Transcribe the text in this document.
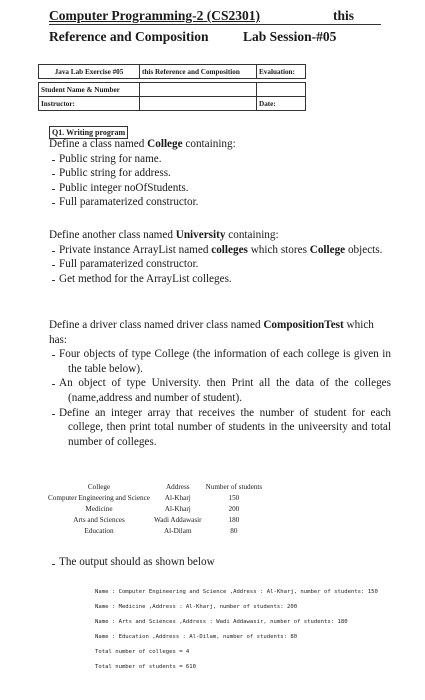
Computer Programming-2 (CS2301)	this
Reference and Composition	Lab Session-#05
Java Lab Exercise #05	this Reference and Composition	Evaluation:

Student Name & Number		
Instructor:		Date:
Q1. Writing program

Define a class named College containing:

Public string for name.

Public string for address.

Public integer noOfStudents.

Full paramaterized constructor.

Define another class named University containing:

Private instance ArrayList named colleges which stores College objects.

Full paramaterized constructor.

Get method for the ArrayList colleges.

Define a driver class named driver class named CompositionTest which has:

Four objects of type College (the information of each college is given in the table below).

An object of type University. then Print all the data of the colleges (name,address and number of student).

Define an integer array that receives the number of student for each college, then print total number of students in the univeersity and total number of colleges.

College	Address	Number of students
Computer Engineering and Science	Al-Kharj	150
Medicine	Al-Kharj	200
Arts and Sciences	Wadi Addawasir	180
Education	Al-Dilam	80
The output should as shown below
Name : Computer Engineering and Science ,Address : Al-Kharj, number of students: 150
Name : Medicine ,Address : Al-Kharj, number of students: 200
Name : Arts and Sciences ,Address : Wadi Addawasir, number of students: 180
Name : Education ,Address : Al-Dilam, number of students: 80
Total number of colleges = 4
Total number of students = 610
